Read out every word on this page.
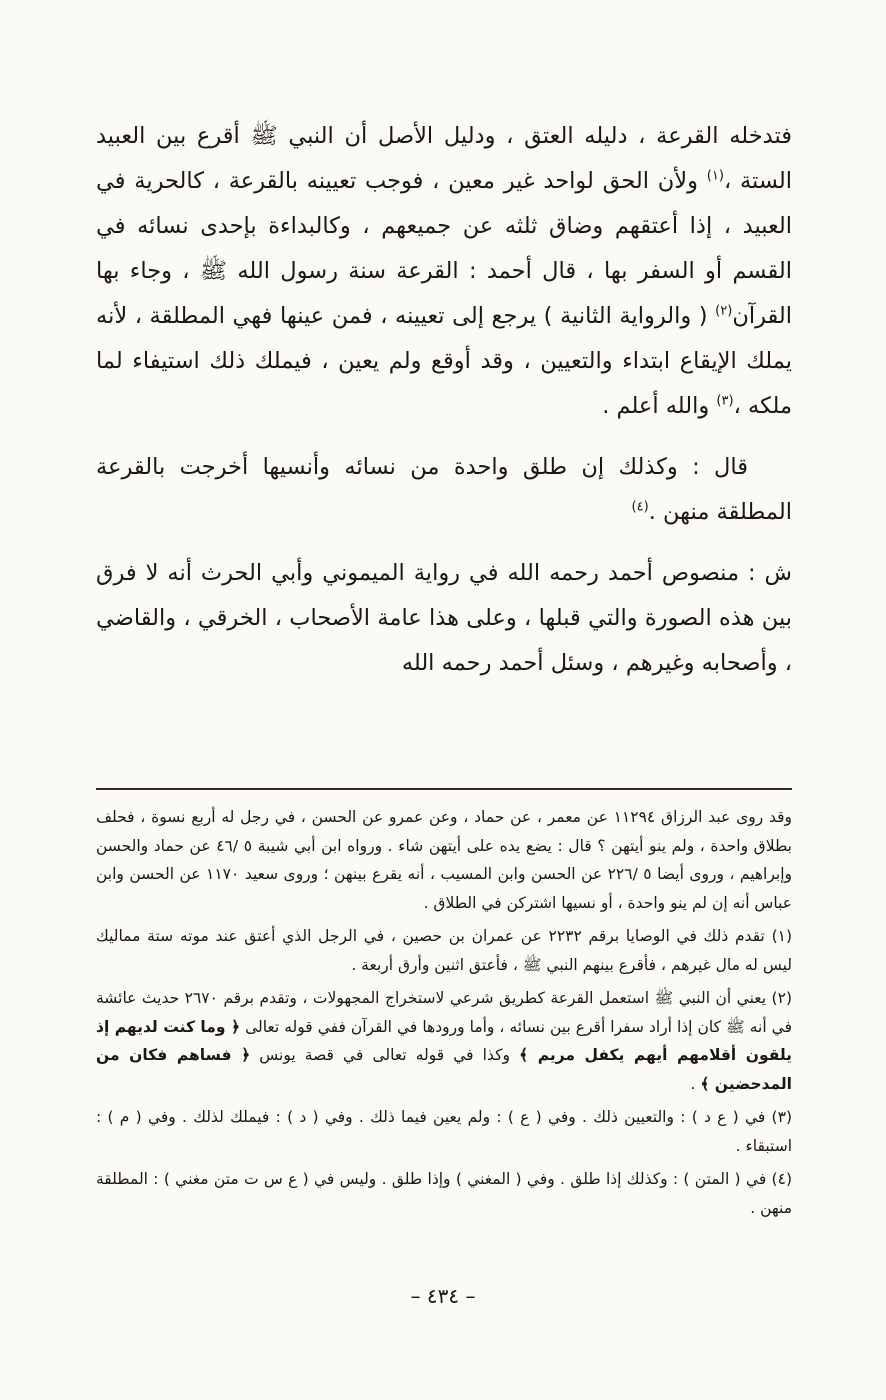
فتدخله القرعة ، دليله العتق ، ودليل الأصل أن النبي ﷺ أقرع بين العبيد الستة ،$^{(١)}$ ولأن الحق لواحد غير معين ، فوجب تعيينه بالقرعة ، كالحرية في العبيد ، إذا أعتقهم وضاق ثلثه عن جميعهم ، وكالبداءة بإحدى نسائه في القسم أو السفر بها ، قال أحمد : القرعة سنة رسول الله ﷺ ، وجاء بها القرآن$^{(٢)}$ ( والرواية الثانية ) يرجع إلى تعيينه ، فمن عينها فهي المطلقة ، لأنه يملك الإيقاع ابتداء والتعيين ، وقد أوقع ولم يعين ، فيملك ذلك استيفاء لما ملكه ،$^{(٣)}$ والله أعلم .

قال : وكذلك إن طلق واحدة من نسائه وأنسيها أخرجت بالقرعة المطلقة منهن .$^{(٤)}$

ش : منصوص أحمد رحمه الله في رواية الميموني وأبي الحرث أنه لا فرق بين هذه الصورة والتي قبلها ، وعلى هذا عامة الأصحاب ، الخرقي ، والقاضي ، وأصحابه وغيرهم ، وسئل أحمد رحمه الله

وقد روى عبد الرزاق ١١٢٩٤ عن معمر ، عن حماد ، وعن عمرو عن الحسن ، في رجل له أربع نسوة ، فحلف بطلاق واحدة ، ولم ينو أيتهن ؟ قال : يضع يده على أيتهن شاء . ورواه ابن أبي شيبة ٥ /٤٦ عن حماد والحسن وإبراهيم ، وروى أيضا ٥ /٢٢٦ عن الحسن وابن المسيب ، أنه يقرع بينهن ؛ وروى سعيد ١١٧٠ عن الحسن وابن عباس أنه إن لم ينو واحدة ، أو نسيها اشتركن في الطلاق .

(١) تقدم ذلك في الوصايا برقم ٢٢٣٢ عن عمران بن حصين ، في الرجل الذي أعتق عند موته ستة مماليك ليس له مال غيرهم ، فأقرع بينهم النبي ﷺ ، فأعتق اثنين وأرق أربعة .

(٢) يعني أن النبي ﷺ استعمل القرعة كطريق شرعي لاستخراج المجهولات ، وتقدم برقم ٢٦٧٠ حديث عائشة في أنه ﷺ كان إذا أراد سفرا أقرع بين نسائه ، وأما ورودها في القرآن ففي قوله تعالى ﴿ وما كنت لديهم إذ يلقون أقلامهم أيهم يكفل مريم ﴾ وكذا في قوله تعالى في قصة يونس ﴿ فساهم فكان من المدحضين ﴾ .

(٣) في ( ع د ) : والتعيين ذلك . وفي ( ع ) : ولم يعين فيما ذلك . وفي ( د ) : فيملك لذلك . وفي ( م ) : استبقاء .

(٤) في ( المتن ) : وكذلك إذا طلق . وفي ( المغني ) وإذا طلق . وليس في ( ع س ت متن مغني ) : المطلقة منهن .

– ٤٣٤ –
